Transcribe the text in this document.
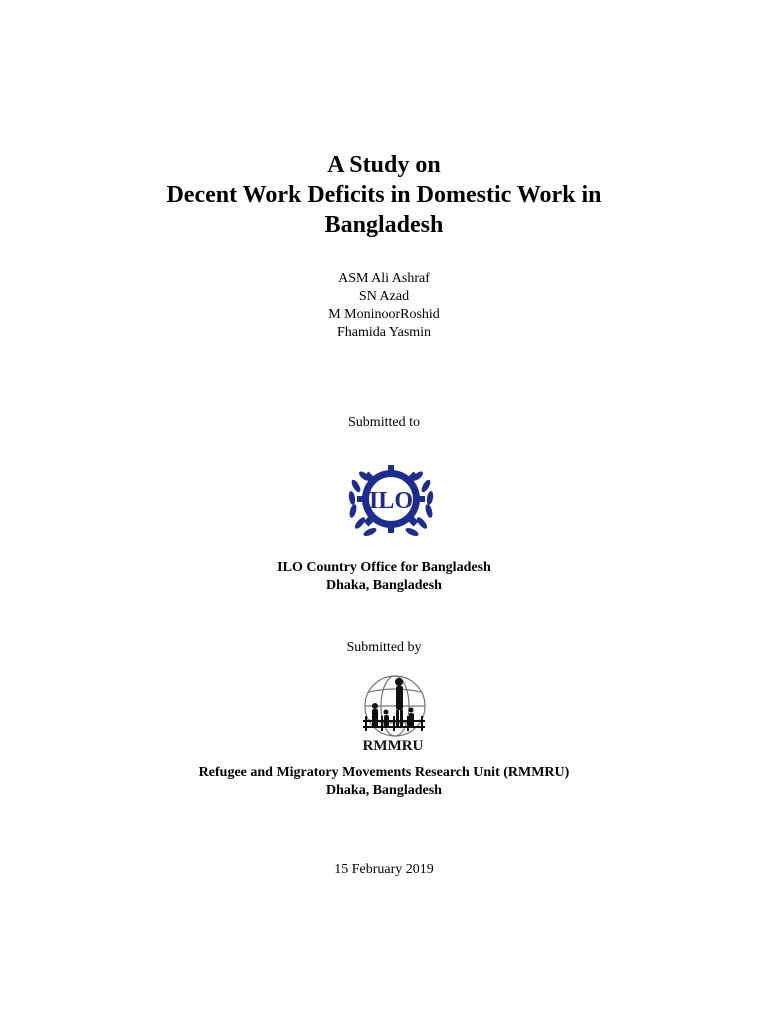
A Study on
Decent Work Deficits in Domestic Work in
Bangladesh
ASM Ali Ashraf
SN Azad
M MoninoorRoshid
Fhamida Yasmin
Submitted to
ILO
ILO Country Office for Bangladesh
Dhaka, Bangladesh
Submitted by
RMMRU
Refugee and Migratory Movements Research Unit (RMMRU)
Dhaka, Bangladesh
15 February 2019
